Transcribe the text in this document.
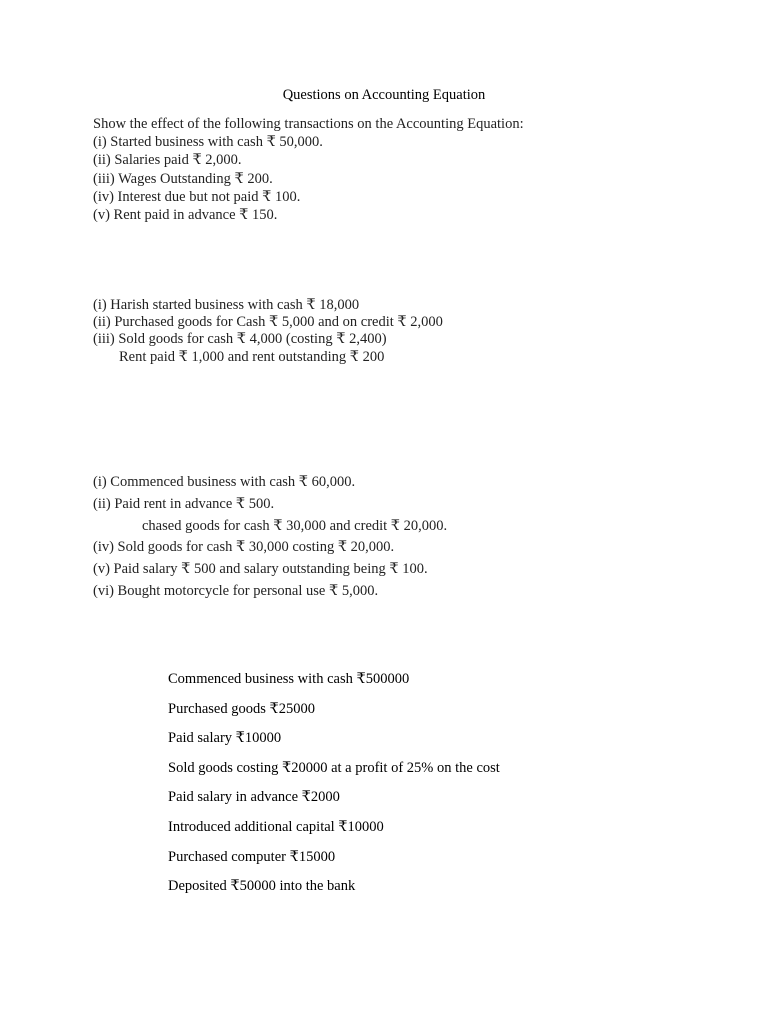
Questions on Accounting Equation
Show the effect of the following transactions on the Accounting Equation:
(i) Started business with cash ₹ 50,000.
(ii) Salaries paid ₹ 2,000.
(iii) Wages Outstanding ₹ 200.
(iv) Interest due but not paid ₹ 100.
(v) Rent paid in advance ₹ 150.
(i) Harish started business with cash ₹ 18,000
(ii) Purchased goods for Cash ₹ 5,000 and on credit ₹ 2,000
(iii) Sold goods for cash ₹ 4,000 (costing ₹ 2,400)
Rent paid ₹ 1,000 and rent outstanding ₹ 200
(i) Commenced business with cash ₹ 60,000.
(ii) Paid rent in advance ₹ 500.
chased goods for cash ₹ 30,000 and credit ₹ 20,000.
(iv) Sold goods for cash ₹ 30,000 costing ₹ 20,000.
(v) Paid salary ₹ 500 and salary outstanding being ₹ 100.
(vi) Bought motorcycle for personal use ₹ 5,000.
Commenced business with cash ₹500000
Purchased goods ₹25000
Paid salary ₹10000
Sold goods costing ₹20000 at a profit of 25% on the cost
Paid salary in advance ₹2000
Introduced additional capital ₹10000
Purchased computer ₹15000
Deposited ₹50000 into the bank
